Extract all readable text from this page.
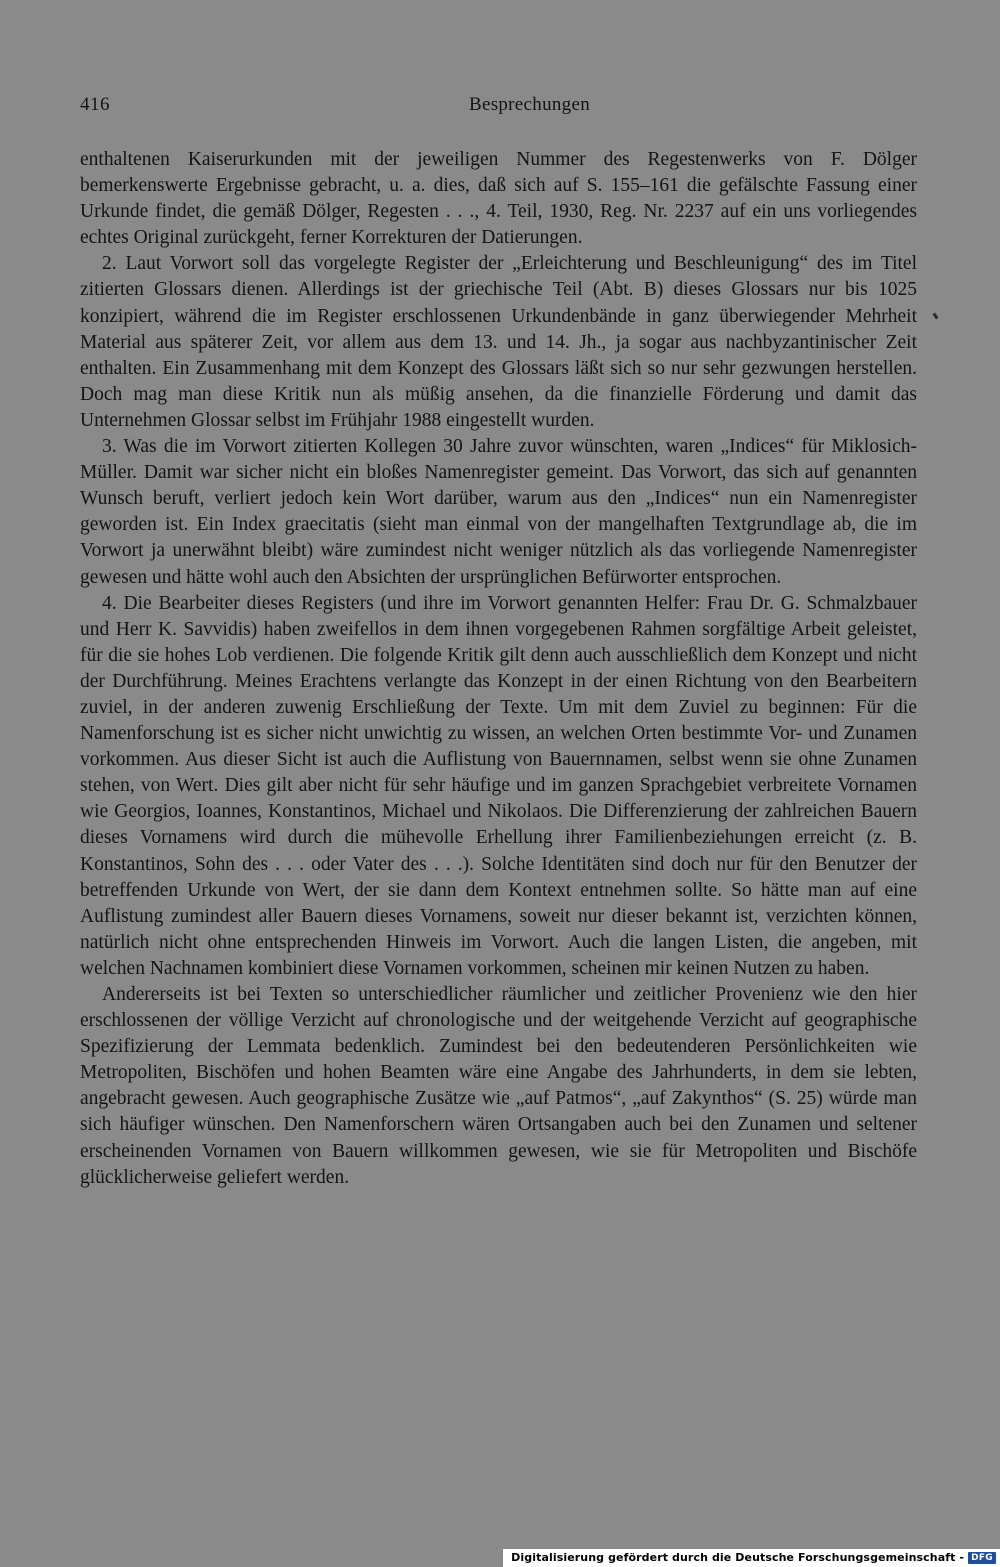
416	Besprechungen

enthaltenen Kaiserurkunden mit der jeweiligen Nummer des Regestenwerks von F. Dölger bemerkenswerte Ergebnisse gebracht, u. a. dies, daß sich auf S. 155–161 die gefälschte Fassung einer Urkunde findet, die gemäß Dölger, Regesten . . ., 4. Teil, 1930, Reg. Nr. 2237 auf ein uns vorliegendes echtes Original zurückgeht, ferner Korrekturen der Datierungen.

2. Laut Vorwort soll das vorgelegte Register der „Erleichterung und Beschleunigung“ des im Titel zitierten Glossars dienen. Allerdings ist der griechische Teil (Abt. B) dieses Glossars nur bis 1025 konzipiert, während die im Register erschlossenen Urkundenbände in ganz überwiegender Mehrheit Material aus späterer Zeit, vor allem aus dem 13. und 14. Jh., ja sogar aus nachbyzantinischer Zeit enthalten. Ein Zusammenhang mit dem Konzept des Glossars läßt sich so nur sehr gezwungen herstellen. Doch mag man diese Kritik nun als müßig ansehen, da die finanzielle Förderung und damit das Unternehmen Glossar selbst im Frühjahr 1988 eingestellt wurden.

3. Was die im Vorwort zitierten Kollegen 30 Jahre zuvor wünschten, waren „Indices“ für Miklosich-Müller. Damit war sicher nicht ein bloßes Namenregister gemeint. Das Vorwort, das sich auf genannten Wunsch beruft, verliert jedoch kein Wort darüber, warum aus den „Indices“ nun ein Namenregister geworden ist. Ein Index graecitatis (sieht man einmal von der mangelhaften Textgrundlage ab, die im Vorwort ja unerwähnt bleibt) wäre zumindest nicht weniger nützlich als das vorliegende Namenregister gewesen und hätte wohl auch den Absichten der ursprünglichen Befürworter entsprochen.

4. Die Bearbeiter dieses Registers (und ihre im Vorwort genannten Helfer: Frau Dr. G. Schmalzbauer und Herr K. Savvidis) haben zweifellos in dem ihnen vorgegebenen Rahmen sorgfältige Arbeit geleistet, für die sie hohes Lob verdienen. Die folgende Kritik gilt denn auch ausschließlich dem Konzept und nicht der Durchführung. Meines Erachtens verlangte das Konzept in der einen Richtung von den Bearbeitern zuviel, in der anderen zuwenig Erschließung der Texte. Um mit dem Zuviel zu beginnen: Für die Namenforschung ist es sicher nicht unwichtig zu wissen, an welchen Orten bestimmte Vor- und Zunamen vorkommen. Aus dieser Sicht ist auch die Auflistung von Bauernnamen, selbst wenn sie ohne Zunamen stehen, von Wert. Dies gilt aber nicht für sehr häufige und im ganzen Sprachgebiet verbreitete Vornamen wie Georgios, Ioannes, Konstantinos, Michael und Nikolaos. Die Differenzierung der zahlreichen Bauern dieses Vornamens wird durch die mühevolle Erhellung ihrer Familienbeziehungen erreicht (z. B. Konstantinos, Sohn des . . . oder Vater des . . .). Solche Identitäten sind doch nur für den Benutzer der betreffenden Urkunde von Wert, der sie dann dem Kontext entnehmen sollte. So hätte man auf eine Auflistung zumindest aller Bauern dieses Vornamens, soweit nur dieser bekannt ist, verzichten können, natürlich nicht ohne entsprechenden Hinweis im Vorwort. Auch die langen Listen, die angeben, mit welchen Nachnamen kombiniert diese Vornamen vorkommen, scheinen mir keinen Nutzen zu haben.

Andererseits ist bei Texten so unterschiedlicher räumlicher und zeitlicher Provenienz wie den hier erschlossenen der völlige Verzicht auf chronologische und der weitgehende Verzicht auf geographische Spezifizierung der Lemmata bedenklich. Zumindest bei den bedeutenderen Persönlichkeiten wie Metropoliten, Bischöfen und hohen Beamten wäre eine Angabe des Jahrhunderts, in dem sie lebten, angebracht gewesen. Auch geographische Zusätze wie „auf Patmos“, „auf Zakynthos“ (S. 25) würde man sich häufiger wünschen. Den Namenforschern wären Ortsangaben auch bei den Zunamen und seltener erscheinenden Vornamen von Bauern willkommen gewesen, wie sie für Metropoliten und Bischöfe glücklicherweise geliefert werden.

Digitalisierung gefördert durch die Deutsche Forschungsgemeinschaft - DFG
